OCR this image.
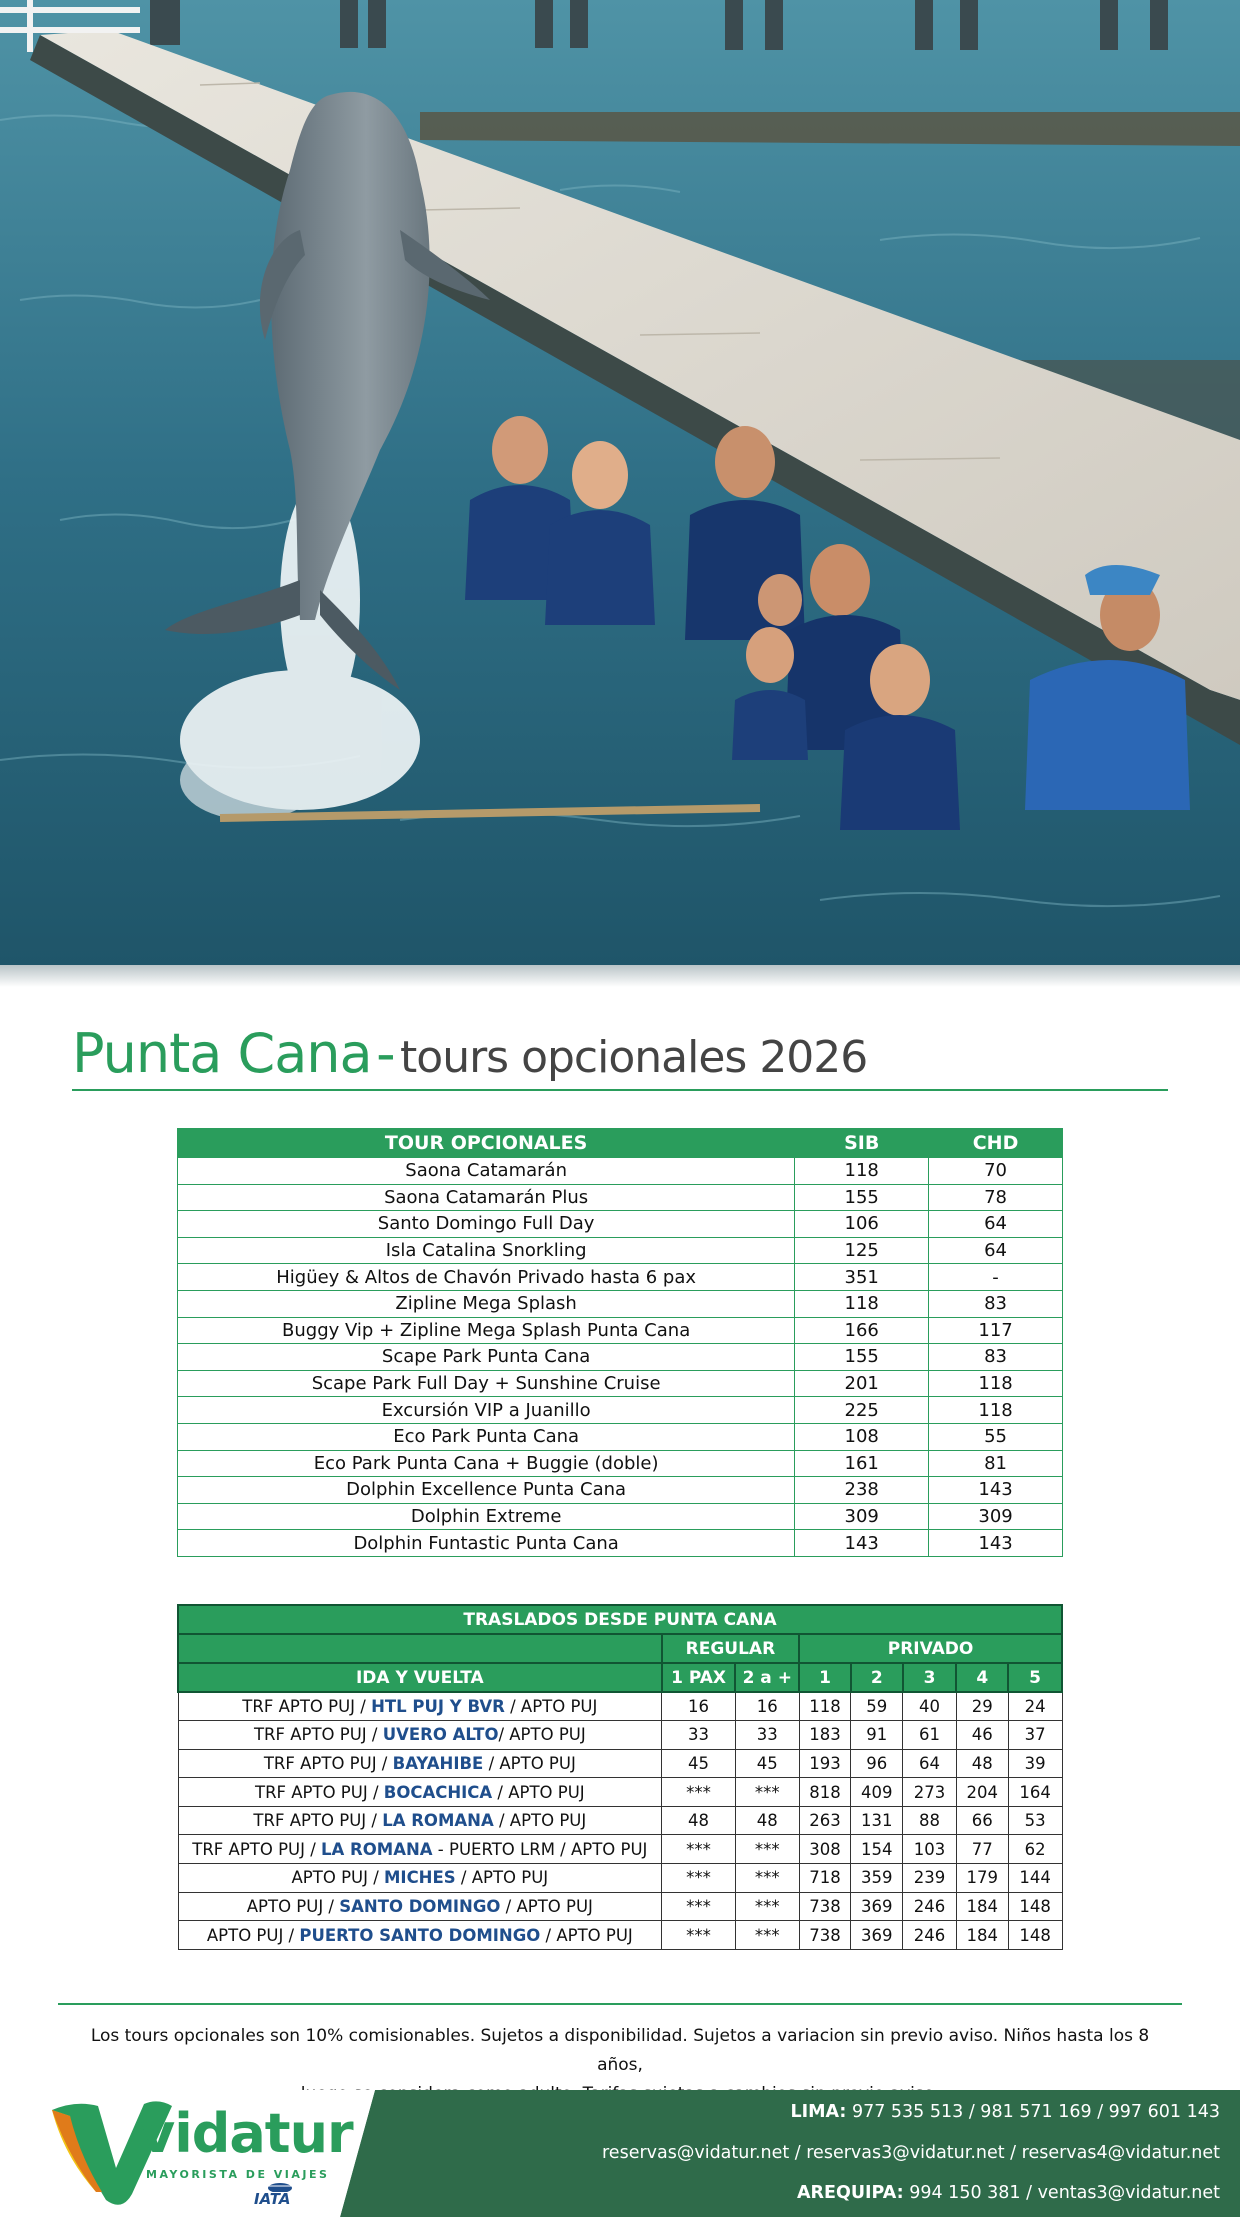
Punta Cana - tours opcionales 2026
TOUR OPCIONALES	SIB	CHD
Saona Catamarán	118	70
Saona Catamarán Plus	155	78
Santo Domingo Full Day	106	64
Isla Catalina Snorkling	125	64
Higüey & Altos de Chavón Privado hasta 6 pax	351	-
Zipline Mega Splash	118	83
Buggy Vip + Zipline Mega Splash Punta Cana	166	117
Scape Park Punta Cana	155	83
Scape Park Full Day + Sunshine Cruise	201	118
Excursión VIP a Juanillo	225	118
Eco Park Punta Cana	108	55
Eco Park Punta Cana + Buggie (doble)	161	81
Dolphin Excellence Punta Cana	238	143
Dolphin Extreme	309	309
Dolphin Funtastic Punta Cana	143	143
TRASLADOS DESDE PUNTA CANA							
	REGULAR		PRIVADO				
IDA Y VUELTA	1 PAX	2 a +	1	2	3	4	5
TRF APTO PUJ / HTL PUJ Y BVR / APTO PUJ	16	16	118	59	40	29	24
TRF APTO PUJ / UVERO ALTO/ APTO PUJ	33	33	183	91	61	46	37
TRF APTO PUJ / BAYAHIBE / APTO PUJ	45	45	193	96	64	48	39
TRF APTO PUJ / BOCACHICA / APTO PUJ	***	***	818	409	273	204	164
TRF APTO PUJ / LA ROMANA / APTO PUJ	48	48	263	131	88	66	53
TRF APTO PUJ / LA ROMANA - PUERTO LRM / APTO PUJ	***	***	308	154	103	77	62
APTO PUJ / MICHES / APTO PUJ	***	***	718	359	239	179	144
APTO PUJ / SANTO DOMINGO / APTO PUJ	***	***	738	369	246	184	148
APTO PUJ / PUERTO SANTO DOMINGO / APTO PUJ	***	***	738	369	246	184	148
Los tours opcionales son 10% comisionables. Sujetos a disponibilidad. Sujetos a variacion sin previo aviso. Niños hasta los 8 años,
vidatur
MAYORISTA DE VIAJES
IATA
LIMA: 977 535 513 / 981 571 169 / 997 601 143
reservas@vidatur.net / reservas3@vidatur.net / reservas4@vidatur.net
AREQUIPA: 994 150 381 / ventas3@vidatur.net
